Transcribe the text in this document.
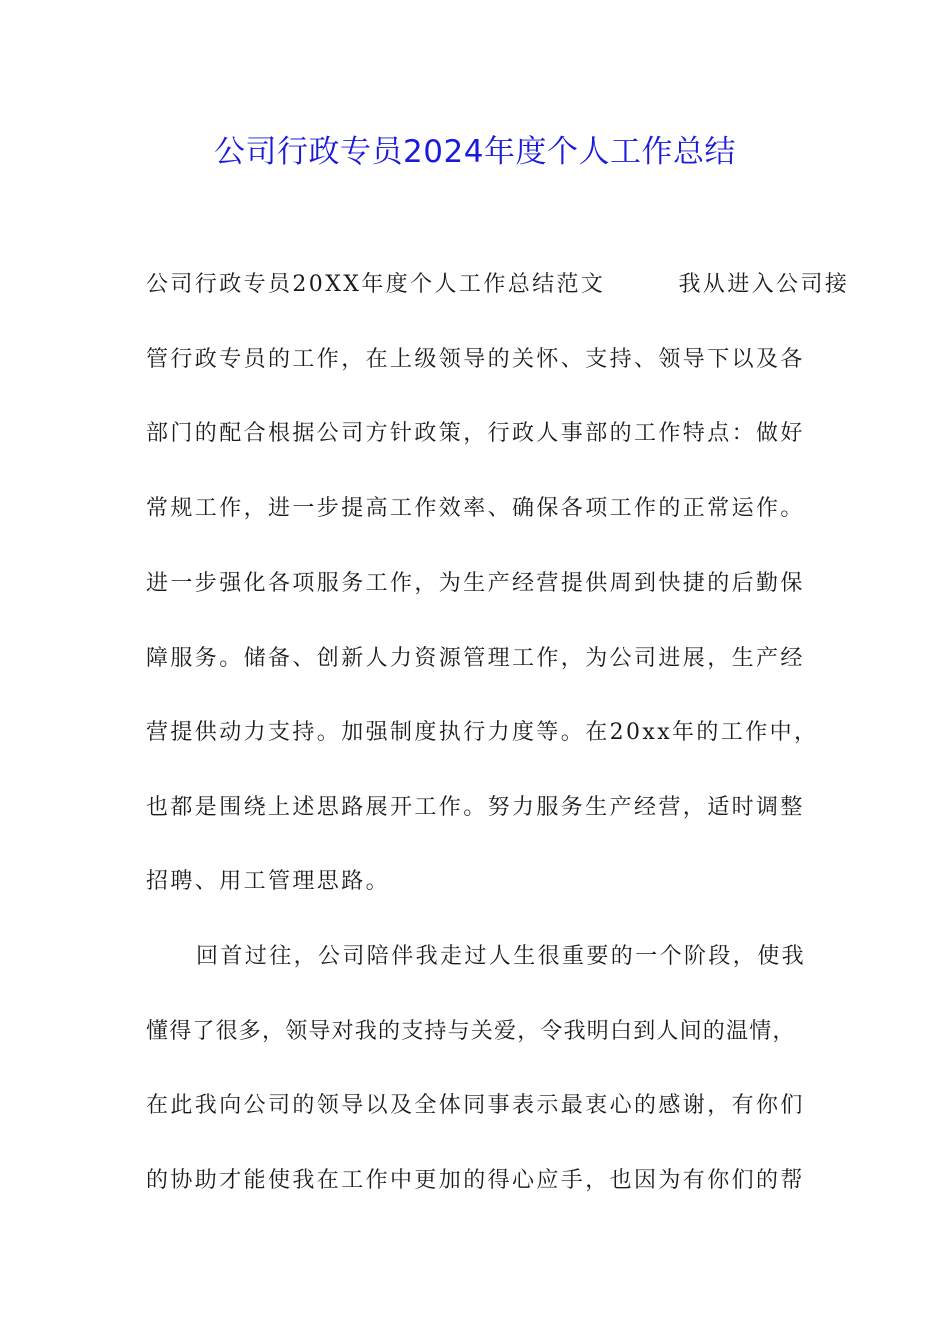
公司行政专员2024年度个人工作总结
公司行政专员20XX年度个人工作总结范文　　　我从进入公司接
管行政专员的工作，在上级领导的关怀、支持、领导下以及各
部门的配合根据公司方针政策，行政人事部的工作特点：做好
常规工作，进一步提高工作效率、确保各项工作的正常运作。
进一步强化各项服务工作，为生产经营提供周到快捷的后勤保
障服务。储备、创新人力资源管理工作，为公司进展，生产经
营提供动力支持。加强制度执行力度等。在20xx年的工作中，
也都是围绕上述思路展开工作。努力服务生产经营，适时调整
招聘、用工管理思路。
回首过往，公司陪伴我走过人生很重要的一个阶段，使我
懂得了很多，领导对我的支持与关爱，令我明白到人间的温情，
在此我向公司的领导以及全体同事表示最衷心的感谢，有你们
的协助才能使我在工作中更加的得心应手，也因为有你们的帮
